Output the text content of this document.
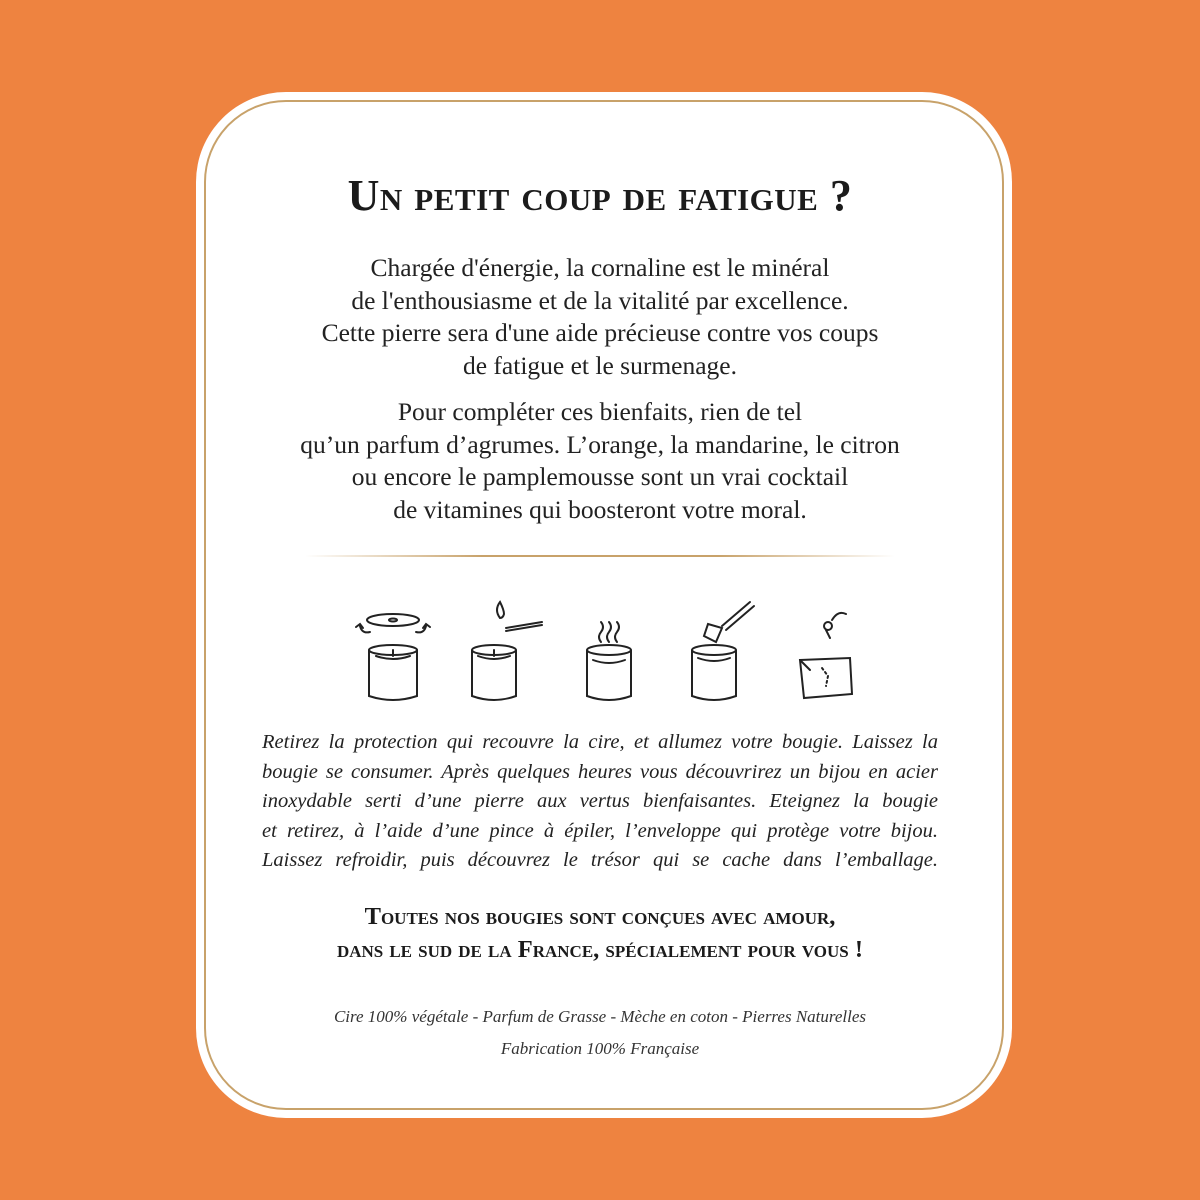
Un petit coup de fatigue ?
Chargée d'énergie, la cornaline est le minéral
de l'enthousiasme et de la vitalité par excellence.
Cette pierre sera d'une aide précieuse contre vos coups
de fatigue et le surmenage.
Pour compléter ces bienfaits, rien de tel
qu’un parfum d’agrumes. L’orange, la mandarine, le citron
ou encore le pamplemousse sont un vrai cocktail
de vitamines qui boosteront votre moral.
Retirez la protection qui recouvre la cire, et allumez votre bougie. Laissez la
bougie se consumer. Après quelques heures vous découvrirez un bijou en acier
inoxydable serti d’une pierre aux vertus bienfaisantes. Eteignez la bougie
et retirez, à l’aide d’une pince à épiler, l’enveloppe qui protège votre bijou.
Laissez refroidir, puis découvrez le trésor qui se cache dans l’emballage.
Toutes nos bougies sont conçues avec amour,
dans le sud de la France, spécialement pour vous !
Cire 100% végétale - Parfum de Grasse - Mèche en coton - Pierres Naturelles
Fabrication 100% Française
